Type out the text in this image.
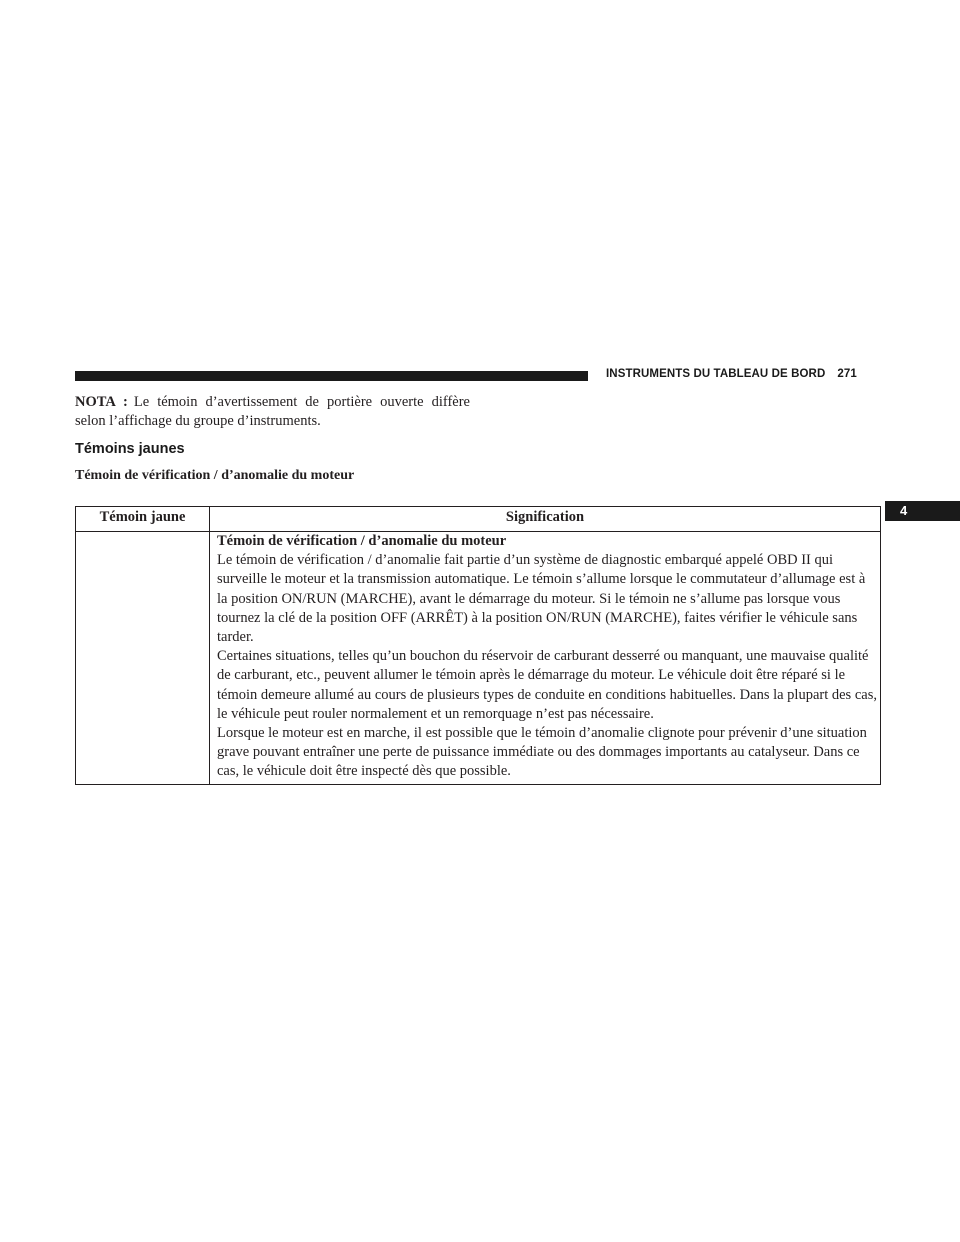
INSTRUMENTS DU TABLEAU DE BORD 271
4

NOTA : Le témoin d’avertissement de portière ouverte diffère selon l’affichage du groupe d’instruments.

Témoins jaunes
Témoin de vérification / d’anomalie du moteur
Témoin jaune	Signification

	Témoin de vérification / d’anomalie du moteur
Le témoin de vérification / d’anomalie fait partie d’un système de diagnostic embarqué appelé OBD II qui surveille le moteur et la transmission automatique. Le témoin s’allume lorsque le commutateur d’allumage est à la position ON/RUN (MARCHE), avant le démarrage du moteur. Si le témoin ne s’allume pas lorsque vous tournez la clé de la position OFF (ARRÊT) à la position ON/RUN (MARCHE), faites vérifier le véhicule sans tarder.
Certaines situations, telles qu’un bouchon du réservoir de carburant desserré ou manquant, une mauvaise qualité de carburant, etc., peuvent allumer le témoin après le démarrage du moteur. Le véhicule doit être réparé si le témoin demeure allumé au cours de plusieurs types de conduite en conditions habituelles. Dans la plupart des cas, le véhicule peut rouler normalement et un remorquage n’est pas nécessaire.
Lorsque le moteur est en marche, il est possible que le témoin d’anomalie clignote pour prévenir d’une situation grave pouvant entraîner une perte de puissance immédiate ou des dommages importants au catalyseur. Dans ce cas, le véhicule doit être inspecté dès que possible.
